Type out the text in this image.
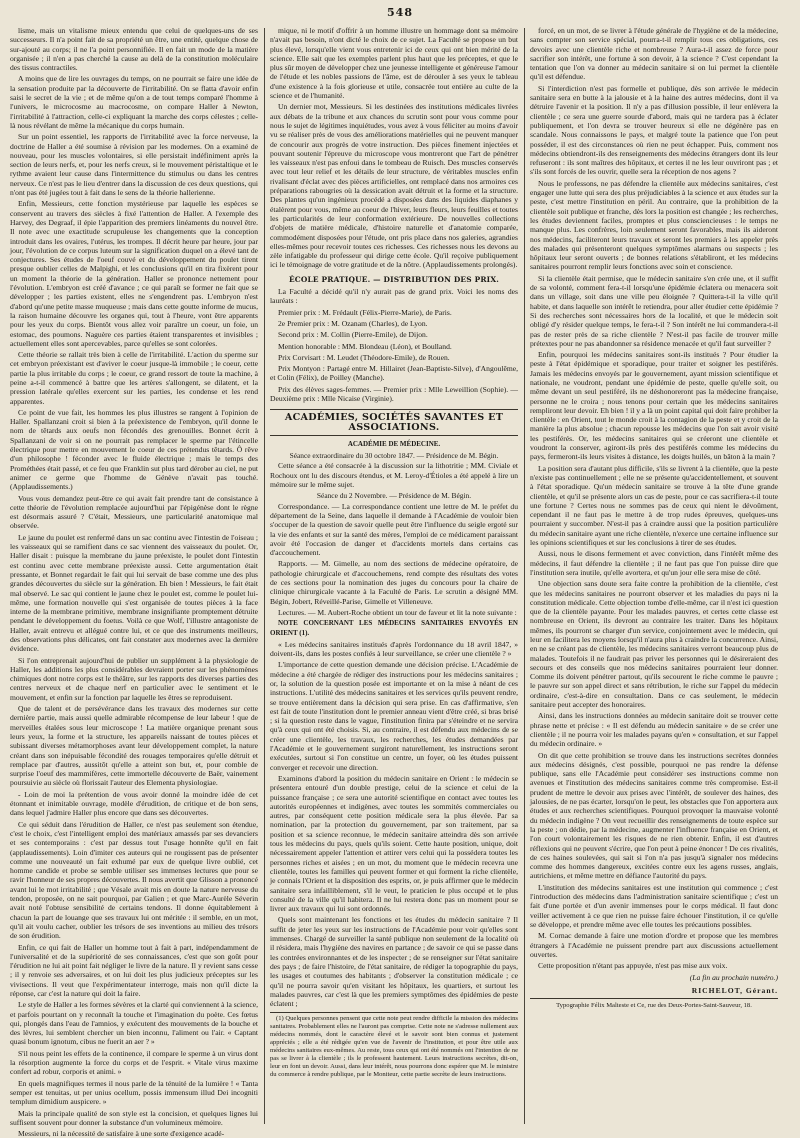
548

lisme, mais un vitalisme mieux entendu que celui de quelques-uns de ses successeurs. Il n'a point fait de sa propriété un être, une entité, quelque chose de sur-ajouté au corps; il ne l'a point personnifiée. Il en fait un mode de la matière organisée ; il n'en a pas cherché la cause au delà de la constitution moléculaire des tissus contractiles.

A moins que de lire les ouvrages du temps, on ne pourrait se faire une idée de la sensation produite par la découverte de l'irritabilité. On se flatta d'avoir enfin saisi le secret de la vie ; et de même qu'on a de tout temps comparé l'homme à l'univers, le microcosme au macrocosme, on compare Haller à Newton, l'irritabilité à l'attraction, celle-ci expliquant la marche des corps célestes ; celle-là nous révélant de même la mécanique du corps humain.

Sur un point essentiel, les rapports de l'irritabilité avec la force nerveuse, la doctrine de Haller a été soumise à révision par les modernes. On a examiné de nouveau, pour les muscles volontaires, si elle persistait indéfiniment après la section de leurs nerfs, et, pour les nerfs creux, si le mouvement péristaltique et le rythme avaient leur cause dans l'intermittence du stimulus ou dans les centres nerveux. Ce n'est pas le lieu d'entrer dans la discussion de ces deux questions, qui n'ont pas été jugées tout à fait dans le sens de la théorie hallerienne.

Enfin, Messieurs, cette fonction mystérieuse par laquelle les espèces se conservent au travers des siècles à fixé l'attention de Haller. A l'exemple des Harvey, des Degraaf, il épie l'apparition des premiers linéaments du nouvel être. Il note avec une exactitude scrupuleuse les changements que la conception introduit dans les ovaires, l'utérus, les trompes. Il décrit heure par heure, jour par jour, l'évolution de ce corpus luteum sur la signification duquel on a élevé tant de conjectures. Ses études de l'oeuf couvé et du développement du poulet tirent presque oublier celles de Malpighi, et les conclusions qu'il en tira fixèrent pour un moment la théorie de la génération. Haller se prononce nettement pour l'évolution. L'embryon est créé d'avance ; ce qui paraît se former ne fait que se développer ; les parties existent, elles ne s'engendrent pas. L'embryon n'est d'abord qu'une petite masse muqueuse ; mais dans cette goutte informe de mucus, la raison humaine découvre les organes qui, tout à l'heure, vont être apparents pour les yeux du corps. Bientôt vous allez voir paraître un coeur, un foie, un estomac, des poumons. Naguère ces parties étaient transparentes et invisibles ; actuellement elles sont apercevables, parce qu'elles se sont colorées.

Cette théorie se rallait très bien à celle de l'irritabilité. L'action du sperme sur cet embryon préexistant est d'aviver le coeur jusque-là immobile ; le coeur, cette partie la plus irritable du corps ; le coeur, ce grand ressort de toute la machine, à peine a-t-il commencé à battre que les artères s'allongent, se dilatent, et la pression latérale qu'elles exercent sur les parties, les condense et les rend apparentes.

Ce point de vue fait, les hommes les plus illustres se rangent à l'opinion de Haller. Spallanzani croit si bien à la préexistence de l'embryon, qu'il donne le nom de têtards aux oeufs non fécondés des grenouilles. Bonnet écrit à Spallanzani de voir si on ne pourrait pas remplacer le sperme par l'étincelle électrique pour mettre en mouvement le coeur de ces prétendus têtards. Ô rêve d'un philosophe ! féconder avec le fluide électrique ; mais le temps des Prométhées était passé, et ce feu que Franklin sut plus tard dérober au ciel, ne put animer ce germe que l'homme de Génève n'avait pas touché. (Applaudissements.)

Vous vous demandez peut-être ce qui avait fait prendre tant de consistance à cette théorie de l'évolution remplacée aujourd'hui par l'épigénèse dont le règne est désormais assuré ? C'était, Messieurs, une particularité anatomique mal observée.

Le jaune du poulet est renfermé dans un sac continu avec l'intestin de l'oiseau ; les vaisseaux qui se ramifient dans ce sac viennent des vaisseaux du poulet. Or, Haller disait : puisque la membrane du jaune préexiste, le poulet dont l'intestin est continu avec cette membrane préexiste aussi. Cette argumentation était pressante, et Bonnet regardait le fait qui lui servait de base comme une des plus grandes découvertes du siècle sur la génération. Eh bien ! Messieurs, le fait était mal observé. Le sac qui contient le jaune chez le poulet est, comme le poulet lui-même, une formation nouvelle qui s'est organisée de toutes pièces à la face interne de la membrane primitive, membrane insignifiante promptement détruite pendant le développement du foetus. Voilà ce que Wolf, l'illustre antagoniste de Haller, avait entrevu et allégué contre lui, et ce que des instruments meilleurs, des observations plus délicates, ont fait constater aux modernes avec la dernière évidence.

Si l'on entreprenait aujourd'hui de publier un supplément à la physiologie de Haller, les additions les plus considérables devraient porter sur les phénomènes chimiques dont notre corps est le théâtre, sur les rapports des diverses parties des centres nerveux et de chaque nerf en particulier avec le sentiment et le mouvement, et enfin sur la fonction par laquelle les êtres se reproduisent.

Que de talent et de persévérance dans les travaux des modernes sur cette dernière partie, mais aussi quelle admirable récompense de leur labeur ! que de merveilles étalées sous leur microscope ! La matière organique prenant sous leurs yeux, la forme et la structure, les appareils naissant de toutes pièces et subissant diverses métamorphoses avant leur développement complet, la nature créant dans son inépuisable fécondité des rouages temporaires qu'elle détruit et remplace par d'autres, aussitôt qu'elle a atteint son but, et, pour comble de surprise l'oeuf des mammifères, cette immortelle découverte de Baër, vainement poursuivie au siècle où florissait l'auteur des Elementa physiologiae.

- Loin de moi la prétention de vous avoir donné la moindre idée de cet étonnant et inimitable ouvrage, modèle d'érudition, de critique et de bon sens, dans lequel j'admire Haller plus encore que dans ses découvertes.

Ce qui séduit dans l'érudition de Haller, ce n'est pas seulement son étendue, c'est le choix, c'est l'intelligent emploi des matériaux amassés par ses devanciers et ses contemporains : c'est par dessus tout l'usage honnête qu'il en fait (applaudissements). Loin d'imiter ces auteurs qui ne rougissent pas de présenter comme une nouveauté un fait exhumé par eux de quelque livre oublié, cet homme candide et probe se semble utiliser ses immenses lectures que pour se ravir l'honneur de ses propres découvertes. Il nous avertit que Glisson a prononcé avant lui le mot irritabilité ; que Vésale avait mis en doute la nature nerveuse du tendon, proposée, on ne sait pourquoi, par Galien ; et que Marc-Aurèle Séverin avait noté l'obtuse sensibilité de certains tendons. Il donne équitablement à chacun la part de louange que ses travaux lui ont méritée : il semble, en un mot, qu'il ait voulu cacher, oublier les trésors de ses inventions au milieu des trésors de son érudition.

Enfin, ce qui fait de Haller un homme tout à fait à part, indépendamment de l'universalité et de la supériorité de ses connaissances, c'est que son goût pour l'érudition ne lui ait point fait négliger le livre de la nature. Il y revient sans cesse ; il y renvoie ses adversaires, et on lui doit les plus judicieux préceptes sur les vivisections. Il veut que l'expérimentateur interroge, mais non qu'il dicte la réponse, car c'est la nature qui doit la faire.

Le style de Haller a les formes sévères et la clarté qui conviennent à la science, et parfois pourtant on y reconnaît la touche et l'imagination du poète. Ces fœtus qui, plongés dans l'eau de l'amnios, y exécutent des mouvements de la bouche et des lèvres, lui semblent chercher un bien inconnu, l'aliment ou l'air. « Captant quasi bonum ignotum, cibus ne fuerit an aer ? »

S'il nous peint les effets de la continence, il compare le sperme à un virus dont la résorption augmente la force du corps et de l'esprit. « Vitale virus maxime confert ad robur, corporis et animi. »

En quels magnifiques termes il nous parle de la ténuité de la lumière ! « Tanta semper est tenuitas, ut per unius ocellum, possis immensum illud Dei incogniti templum dimidium auspicere. »

Mais la principale qualité de son style est la concision, et quelques lignes lui suffisent souvent pour donner la substance d'un volumineux mémoire.

Messieurs, ni la nécessité de satisfaire à une sorte d'exigence acadé-

mique, ni le motif d'offrir à un homme illustre un hommage dont sa mémoire n'avait pas besoin, n'ont dicté le choix de ce sujet. La Faculté se propose un but plus élevé, lorsqu'elle vient vous entretenir ici de ceux qui ont bien mérité de la science. Elle sait que les exemples parlent plus haut que les préceptes, et que le plus sûr moyen de développer chez une jeunesse intelligente et généreuse l'amour de l'étude et les nobles passions de l'âme, est de dérouler à ses yeux le tableau d'une existence à la fois glorieuse et utile, consacrée tout entière au culte de la science et de l'humanité.

Un dernier mot, Messieurs. Si les destinées des institutions médicales livrées aux débats de la tribune et aux chances du scrutin sont pour vous comme pour nous le sujet de légitimes inquiétudes, vous avez à vous féliciter au moins d'avoir vu se réaliser près de vous des améliorations matérielles qui ne peuvent manquer de concourir aux progrès de votre instruction. Des pièces finement injectées et pouvant soutenir l'épreuve du microscope vous montreront que l'art de pénétrer les vaisseaux n'est pas enfoui dans le tombeau de Ruisch. Des muscles conservés avec tout leur relief et les détails de leur structure, de véritables muscles enfin rivalisant d'éclat avec des pièces artificielles, ont remplacé dans nos armoires ces préparations rabougries où la dessication avait détruit et la forme et la structure. Des plantes qu'un ingénieux procédé a disposées dans des liquides diaphanes y étalèrent pour vous, même au coeur de l'hiver, leurs fleurs, leurs feuilles et toutes les particularités de leur conformation extérieure. De nouvelles collections d'objets de matière médicale, d'histoire naturelle et d'anatomie comparée, commodément disposées pour l'étude, ont pris place dans nos galeries, agrandies elles-mêmes pour recevoir toutes ces richesses. Ces richesses nous les devons au zèle infatigable du professeur qui dirige cette école. Qu'il reçoive publiquement ici le témoignage de votre gratitude et de la nôtre. (Applaudissements prolongés).

ÉCOLE PRATIQUE. — DISTRIBUTION DES PRIX.

La Faculté a décidé qu'il n'y aurait pas de grand prix. Voici les noms des lauréats :

Premier prix : M. Frédault (Félix-Pierre-Marie), de Paris.

2e Premier prix : M. Ozanam (Charles), de Lyon.

Second prix : M. Collin (Pierre-Emile), de Dijon.

Mention honorable : MM. Blondeau (Léon), et Boulland.

Prix Corvisart : M. Leudet (Théodore-Emile), de Rouen.

Prix Montyon : Partagé entre M. Hillairet (Jean-Baptiste-Silve), d'Angoulême, et Colin (Félix), de Poilley (Manche).

Prix des élèves sages-femmes. — Premier prix : Mlle Leweillion (Sophie). — Deuxième prix : Mlle Nicaise (Virginie).

ACADÉMIES, SOCIÉTÉS SAVANTES ET ASSOCIATIONS.
ACADÉMIE DE MÉDECINE.
Séance extraordinaire du 30 octobre 1847. — Présidence de M. Bégin.

Cette séance a été consacrée à la discussion sur la lithotritie ; MM. Civiale et Rochoux ont lu des discours étendus, et M. Leroy-d'Étioles a été appelé à lire un mémoire sur le même sujet.

Séance du 2 Novembre. — Présidence de M. Bégin.

Correspondance. — La correspondance contient une lettre de M. le préfet du département de la Seine, dans laquelle il demande à l'Académie de vouloir bien s'occuper de la question de savoir quelle peut être l'influence du seigle ergoté sur la vie des enfants et sur la santé des mères, l'emploi de ce médicament paraissant avoir été l'occasion de danger et d'accidents mortels dans certains cas d'accouchement.

Rapports. — M. Gimelle, au nom des sections de médecine opératoire, de pathologie chirurgicale et d'accouchemens, rend compte des résultats des votes de ces sections pour la nomination des juges du concours pour la chaire de clinique chirurgicale vacante à la Faculté de Paris. Le scrutin a désigné MM. Bégin, Jobert, Réveillé-Parise, Gimelle et Villeneuve.

Lectures. — M. Aubert-Roche obtient un tour de faveur et lit la note suivante :

NOTE CONCERNANT LES MÉDECINS SANITAIRES ENVOYÉS EN ORIENT (1).

« Les médecins sanitaires institués d'après l'ordonnance du 18 avril 1847, » doivent-ils, dans les postes confiés à leur surveillance, se créer une clientèle ? »

L'importance de cette question demande une décision précise. L'Académie de médecine a été chargée de rédiger des instructions pour les médecins sanitaires ; or, la solution de la question posée est importante et on la mise à néant de ces instructions. L'utilité des médecins sanitaires et les services qu'ils peuvent rendre, se trouve entièrement dans la décision qui sera prise. En cas d'affirmative, s'en est fait de toute l'institution dont le premier anneau vient d'être créé, si bras brisé ; si la question reste dans le vague, l'institution finira par s'éteindre et ne servira qu'à ceux qui ont été choisis. Si, au contraire, il est défendu aux médecins de se créer une clientèle, les travaux, les recherches, les études demandées par l'Académie et le gouvernement surgiront naturellement, les instructions seront exécutées, surtout si l'on constitue un centre, un foyer, où les études puissent converger et recevoir une direction.

Examinons d'abord la position du médecin sanitaire en Orient : le médecin se présentera entouré d'un double prestige, celui de la science et celui de la puissance française ; ce sera une autorité scientifique en contact avec toutes les autorités européennes et indigènes, avec toutes les sommités commerciales ou autres, par conséquent cette position médicale sera la plus élevée. Par sa nomination, par la protection du gouvernement, par son traitement, par sa position et sa science reconnue, le médecin sanitaire atteindra dès son arrivée tous les médecins du pays, quels qu'ils soient. Cette haute position, unique, doit nécessairement appeler l'attention et attirer vers celui qui la possédera toutes les personnes riches et aisées ; en un mot, du moment que le médecin recevra une clientèle, toutes les familles qui peuvent former et qui forment la riche clientèle, je connais l'Orient et la disposition des esprits, or, je puis affirmer que le médecin sanitaire sera infailliblement, s'il le veut, le praticien le plus occupé et le plus consulté de la ville qu'il habitera. Il ne lui restera donc pas un moment pour se livrer aux travaux qui lui sont ordonnés.

Quels sont maintenant les fonctions et les études du médecin sanitaire ? Il suffit de jeter les yeux sur les instructions de l'Académie pour voir qu'elles sont immenses. Chargé de surveiller la santé publique non seulement de la localité où il résidera, mais l'hygiène des navires en partance ; de savoir ce qui se passe dans les contrées environnantes et de les inspecter ; de se renseigner sur l'état sanitaire des pays ; de faire l'histoire, de l'état sanitaire, de rédiger la topographie du pays, les usages et coutumes des habitants ; d'observer la constitution médicale ; ce qu'il ne pourra savoir qu'en visitant les hôpitaux, les quartiers, et surtout les malades pauvres, car c'est là que les premiers symptômes des épidémies de peste éclatent ;

(1) Quelques personnes pensent que cette note peut rendre difficile la mission des médecins sanitaires. Probablement elles ne l'auront pas comprise. Cette note ne s'adresse nullement aux médecins nommés, dont le caractère élevé et le savoir sont bien connus et justement appréciés ; elle a été rédigée qu'en vue de l'avenir de l'institution, et pour être utile aux médecins sanitaires eux-mêmes. Au reste, tous ceux qui ont été nommés ont l'intention de ne pas se livrer à la clientèle ; ils le professent hautement. Leurs instructions secrètes, dit-on, leur en font un devoir. Aussi, dans leur intérêt, nous pourrons donc espérer que M. le ministre du commerce à rendre publique, par le Moniteur, cette partie secrète de leurs instructions.

forcé, en un mot, de se livrer à l'étude générale de l'hygiène et de la médecine, sans compter son service spécial, pourra-t-il remplir tous ces obligations, ces devoirs avec une clientèle riche et nombreuse ? Aura-t-il assez de force pour sacrifier son intérêt, une fortune à son devoir, à la science ? C'est cependant la tentation que l'on va donner au médecin sanitaire si on lui permet la clientèle qu'il est défendue.

Si l'interdiction n'est pas formelle et publique, dès son arrivée le médecin sanitaire sera en butte à la jalousie et à la haine des autres médecins, dont il va détruire l'avenir et la position. Il n'y a pas d'illusion possible, il leur enlèvera la clientèle ; ce sera une guerre sourde d'abord, mais qui ne tardera pas à éclater publiquement, et l'on devra se trouver heureux si elle ne dégénère pas en scandale. Nous connaissons le pays, et malgré toute la patience que l'on peut posséder, il est des circonstances où rien ne peut échapper. Puis, comment nos médecins obtiendront-ils des renseignements des médecins étrangers dont ils leur refuseront : ils sont maîtres des hôpitaux, et certes il ne les leur ouvriront pas ; et s'ils sont forcés de les ouvrir, quelle sera la réception de nos agens ?

Nous le professons, ne pas défendre la clientèle aux médecins sanitaires, c'est engager une lutte qui sera des plus préjudiciables à la science et aux études sur la peste, c'est mettre l'institution en péril. Au contraire, que la prohibition de la clientèle soit publique et franche, dès lors la position est changée ; les recherches, les études deviennent faciles, promptes et plus consciencieuses : le temps ne manque plus. Les confrères, loin seulement seront favorables, mais ils aideront nos médecins, faciliteront leurs travaux et seront les premiers à les appeler près des malades qui présenteront quelques symptômes alarmans ou suspects ; les hôpitaux leur seront ouverts ; de bonnes relations s'établiront, et les médecins sanitaires pourront remplir leurs fonctions avec soin et conscience.

Si la clientèle était permise, que le médecin sanitaire s'en crée une, et il suffit de sa volonté, comment fera-t-il lorsqu'une épidémie éclatera ou menacera soit dans un village, soit dans une ville peu éloignée ? Quittera-t-il la ville qu'il habite, et dans laquelle son intérêt le retiendra, pour aller étudier cette épidémie ? Si des recherches sont nécessaires hors de la localité, et que le médecin soit obligé d'y résider quelque temps, le fera-t-il ? Son intérêt ne lui commandera-t-il pas de rester près de sa riche clientèle ? N'est-il pas facile de trouver mille prétextes pour ne pas abandonner sa résidence menacée et qu'il faut surveiller ?

Enfin, pourquoi les médecins sanitaires sont-ils institués ? Pour étudier la peste à l'état épidémique et sporadique, pour traiter et soigner les pestiférés. Jamais les médecins envoyés par le gouvernement, ayant mission scientifique et nationale, ne voudront, pendant une épidémie de peste, quelle qu'elle soit, ou même devant un seul pestiféré, ils ne déshonoreront pas la médecine française, personne ne le croira ; nous tenons pour certain que les médecins sanitaires rempliront leur devoir. Eh bien ! il y a là un point capital qui doit faire prohiber la clientèle : en Orient, tout le monde croit à la contagion de la peste et y croit de la manière la plus absolue ; chacun repousse les médecins que l'on sait avoir visité les pestiférés. Or, les médecins sanitaires qui se créeront une clientèle et voudront la conserver, agiront-ils près des pestiférés comme les médecins du pays, fermeront-ils leurs visites à distance, les doigts huilés, un bâton à la main ?

La position sera d'autant plus difficile, s'ils se livrent à la clientèle, que la peste n'existe pas continuellement ; elle ne se présente qu'accidentellement, et souvent à l'état sporadique. Qu'un médecin sanitaire se trouve à la tête d'une grande clientèle, et qu'il se présente alors un cas de peste, pour ce cas sacrifiera-t-il toute une fortune ? Certes nous ne sommes pas de ceux qui nient le dévoûment, cependant il ne faut pas le mettre à de trop rudes épreuves, quelques-uns pourraient y succomber. N'est-il pas à craindre aussi que la position particulière du médecin sanitaire ayant une riche clientèle, n'exerce une certaine influence sur les opinions scientifiques et sur les conclusions à tirer de ses études.

Aussi, nous le disons fermement et avec conviction, dans l'intérêt même des médecins, il faut défendre la clientèle ; il ne faut pas que l'on puisse dire que l'institution sera inutile, qu'elle avortera, et qu'un jour elle sera mise de côté.

Une objection sans doute sera faite contre la prohibition de la clientèle, c'est que les médecins sanitaires ne pourront observer et les maladies du pays ni la constitution médicale. Cette objection tombe d'elle-même, car il n'est ici question que de la clientèle payante. Pour les malades pauvres, et certes cette classe est nombreuse en Orient, ils devront au contraire les traiter. Dans les hôpitaux mêmes, ils pourront se charger d'un service, conjointement avec le médecin, qui leur en facilitera les moyens lorsqu'il n'aura plus à craindre la concurrence. Ainsi, en ne se créant pas de clientèle, les médecins sanitaires verront beaucoup plus de malades. Toutefois il ne faudrait pas priver les personnes qui le désireraient des secours et des conseils que nos médecins sanitaires pourraient leur donner. Comme ils doivent pénétrer partout, qu'ils secourent le riche comme le pauvre ; le pauvre sur son appel direct et sans rétribution, le riche sur l'appel du médecin ordinaire, c'est-à-dire en consultation. Dans ce cas seulement, le médecin sanitaire peut accepter des honoraires.

Ainsi, dans les instructions données au médecin sanitaire doit se trouver cette phrase nette et précise : « Il est défendu au médecin sanitaire » de se créer une clientèle ; il ne pourra voir les malades payans qu'en » consultation, et sur l'appel du médecin ordinaire. »

On dit que cette prohibition se trouve dans les instructions secrètes données aux médecins désignés, c'est possible, pourquoi ne pas rendre la défense publique, sans elle l'Académie peut considérer ses instructions comme non avenues et l'institution des médecins sanitaires comme très compromise. Est-il prudent de mettre le devoir aux prises avec l'intérêt, de soulever des haines, des jalousies, de ne pas écarter, lorsqu'on le peut, les obstacles que l'on apportera aux études et aux recherches scientifiques. Pourquoi provoquer la mauvaise volonté du médecin indigène ? On veut recueillir des renseignements de toute espèce sur la peste ; on dédie, par la médecine, augmenter l'influence française en Orient, et l'on court volontairement les risques de ne rien obtenir. Enfin, il est d'autres réflexions qui ne peuvent s'écrire, que l'on peut à peine énoncer ! De ces rivalités, de ces haines soulevées, qui sait si l'on n'a pas jusqu'à signaler nos médecins comme des hommes dangereux, excitées contre eux les agens russes, anglais, autrichiens, et même mettre en défiance l'autorité du pays.

L'institution des médecins sanitaires est une institution qui commence ; c'est l'introduction des médecins dans l'administration sanitaire scientifique ; c'est un fait d'une portée et d'un avenir immenses pour le corps médical. Il faut donc veiller activement à ce que rien ne puisse faire échouer l'institution, il ce qu'elle se développe, et prendre même avec elle toutes les précautions possibles.

M. Cornac demande à faire une motion d'ordre et propose que les membres étrangers à l'Académie ne puissent prendre part aux discussions actuellement ouvertes.

Cette proposition n'étant pas appuyée, n'est pas mise aux voix.

(La fin au prochain numéro.)
RICHELOT, Gérant.
Typographie Félix Malteste et Ce, rue des Deux-Portes-Saint-Sauveur, 18.
